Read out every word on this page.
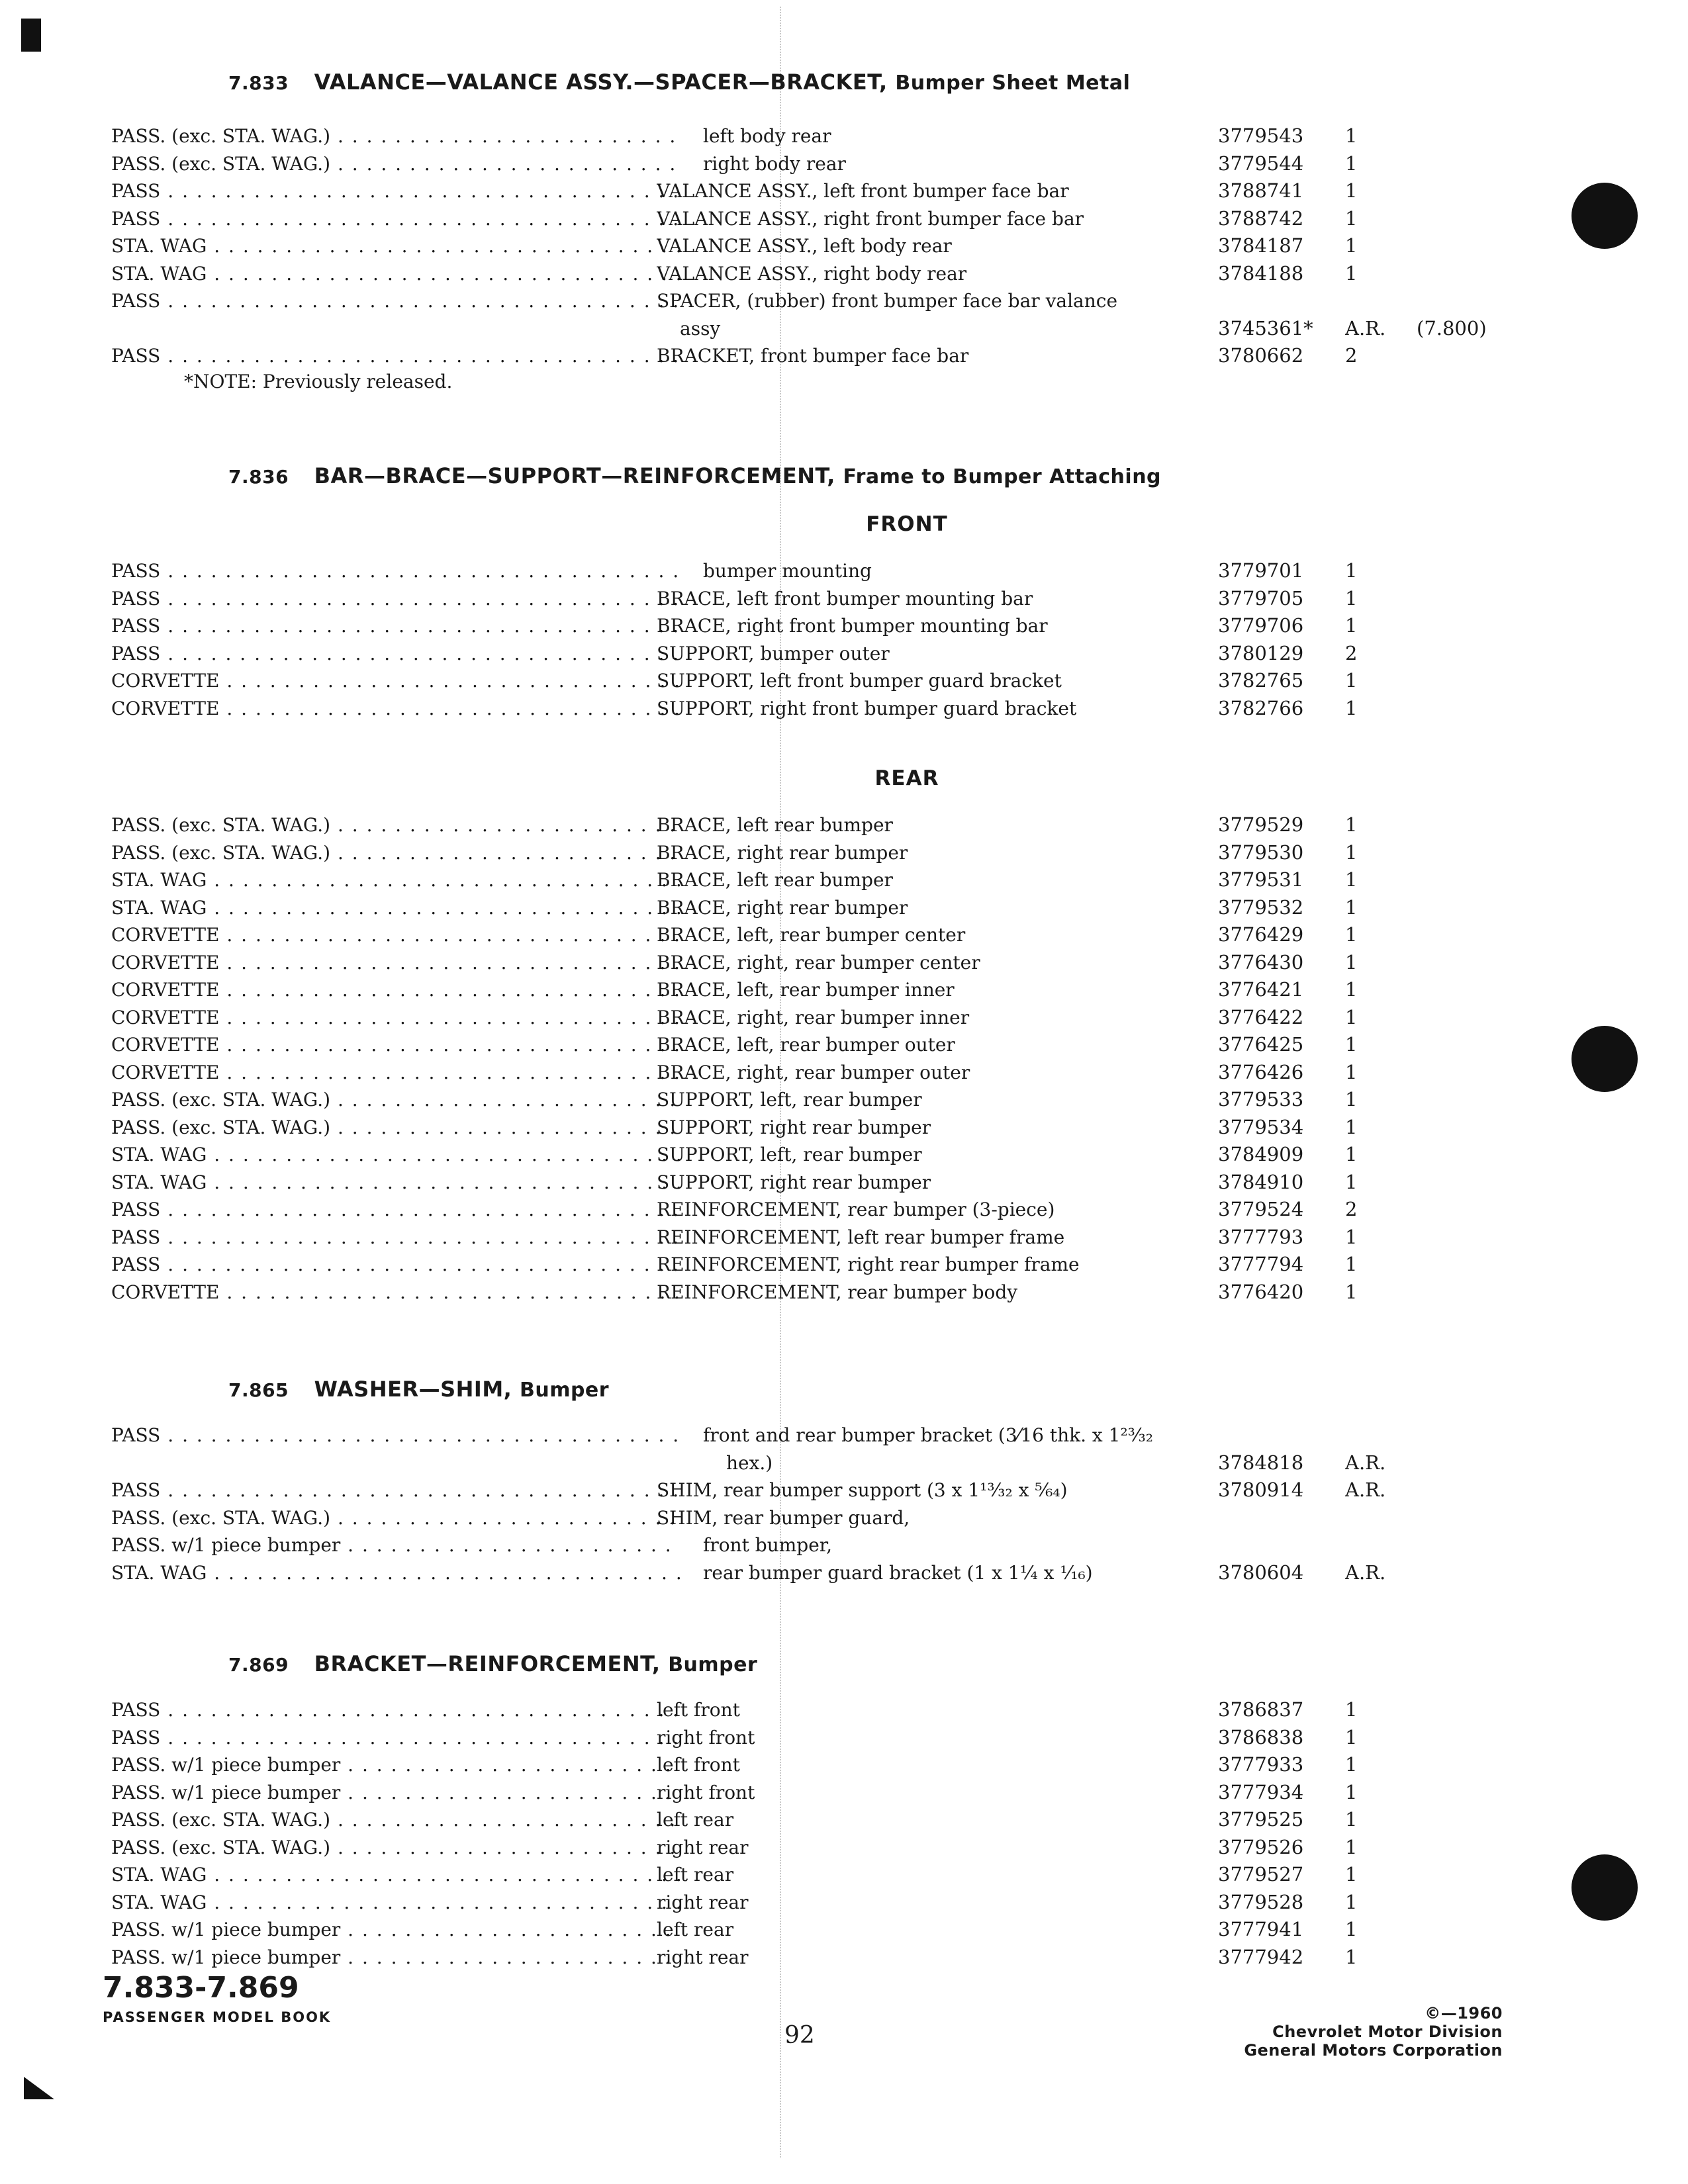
7.833 VALANCE—VALANCE ASSY.—SPACER—BRACKET, Bumper Sheet Metal
PASS. (exc. STA. WAG.) . . .	left body rear	3779543	1
PASS. (exc. STA. WAG.) . . .	right body rear	3779544	1
PASS . . .	VALANCE ASSY., left front bumper face bar	3788741	1
PASS . . .	VALANCE ASSY., right front bumper face bar	3788742	1
STA. WAG . . .	VALANCE ASSY., left body rear	3784187	1
STA. WAG . . .	VALANCE ASSY., right body rear	3784188	1
PASS . . .	SPACER, (rubber) front bumper face bar valance
assy	3745361*	A.R.	(7.800)
PASS . . .	BRACKET, front bumper face bar	3780662	2
*NOTE: Previously released.
7.836 BAR—BRACE—SUPPORT—REINFORCEMENT, Frame to Bumper Attaching
FRONT
PASS . . .	bumper mounting	3779701	1
PASS . . .	BRACE, left front bumper mounting bar	3779705	1
PASS . . .	BRACE, right front bumper mounting bar	3779706	1
PASS . . .	SUPPORT, bumper outer	3780129	2
CORVETTE . . .	SUPPORT, left front bumper guard bracket	3782765	1
CORVETTE . . .	SUPPORT, right front bumper guard bracket	3782766	1
REAR
PASS. (exc. STA. WAG.) . . .	BRACE, left rear bumper	3779529	1
PASS. (exc. STA. WAG.) . . .	BRACE, right rear bumper	3779530	1
STA. WAG . . .	BRACE, left rear bumper	3779531	1
STA. WAG . . .	BRACE, right rear bumper	3779532	1
CORVETTE . . .	BRACE, left, rear bumper center	3776429	1
CORVETTE . . .	BRACE, right, rear bumper center	3776430	1
CORVETTE . . .	BRACE, left, rear bumper inner	3776421	1
CORVETTE . . .	BRACE, right, rear bumper inner	3776422	1
CORVETTE . . .	BRACE, left, rear bumper outer	3776425	1
CORVETTE . . .	BRACE, right, rear bumper outer	3776426	1
PASS. (exc. STA. WAG.) . . .	SUPPORT, left, rear bumper	3779533	1
PASS. (exc. STA. WAG.) . . .	SUPPORT, right rear bumper	3779534	1
STA. WAG . . .	SUPPORT, left, rear bumper	3784909	1
STA. WAG . . .	SUPPORT, right rear bumper	3784910	1
PASS . . .	REINFORCEMENT, rear bumper (3-piece)	3779524	2
PASS . . .	REINFORCEMENT, left rear bumper frame	3777793	1
PASS . . .	REINFORCEMENT, right rear bumper frame	3777794	1
CORVETTE . . .	REINFORCEMENT, rear bumper body	3776420	1
7.865 WASHER—SHIM, Bumper
PASS . . .	front and rear bumper bracket (3⁄16 thk. x 1²³⁄₃₂
hex.)	3784818	A.R.
PASS . . .	SHIM, rear bumper support (3 x 1¹³⁄₃₂ x ⁵⁄₆₄)	3780914	A.R.
PASS. (exc. STA. WAG.) . . .	SHIM, rear bumper guard,
PASS. w/1 piece bumper . . .	front bumper,
STA. WAG . . .	rear bumper guard bracket (1 x 1¼ x ¹⁄₁₆)	3780604	A.R.
7.869 BRACKET—REINFORCEMENT, Bumper
PASS . . .	left front	3786837	1
PASS . . .	right front	3786838	1
PASS. w/1 piece bumper . . .	left front	3777933	1
PASS. w/1 piece bumper . . .	right front	3777934	1
PASS. (exc. STA. WAG.) . . .	left rear	3779525	1
PASS. (exc. STA. WAG.) . . .	right rear	3779526	1
STA. WAG . . .	left rear	3779527	1
STA. WAG . . .	right rear	3779528	1
PASS. w/1 piece bumper . . .	left rear	3777941	1
PASS. w/1 piece bumper . . .	right rear	3777942	1
7.833-7.869
PASSENGER MODEL BOOK
92
©—1960
Chevrolet Motor Division
General Motors Corporation
